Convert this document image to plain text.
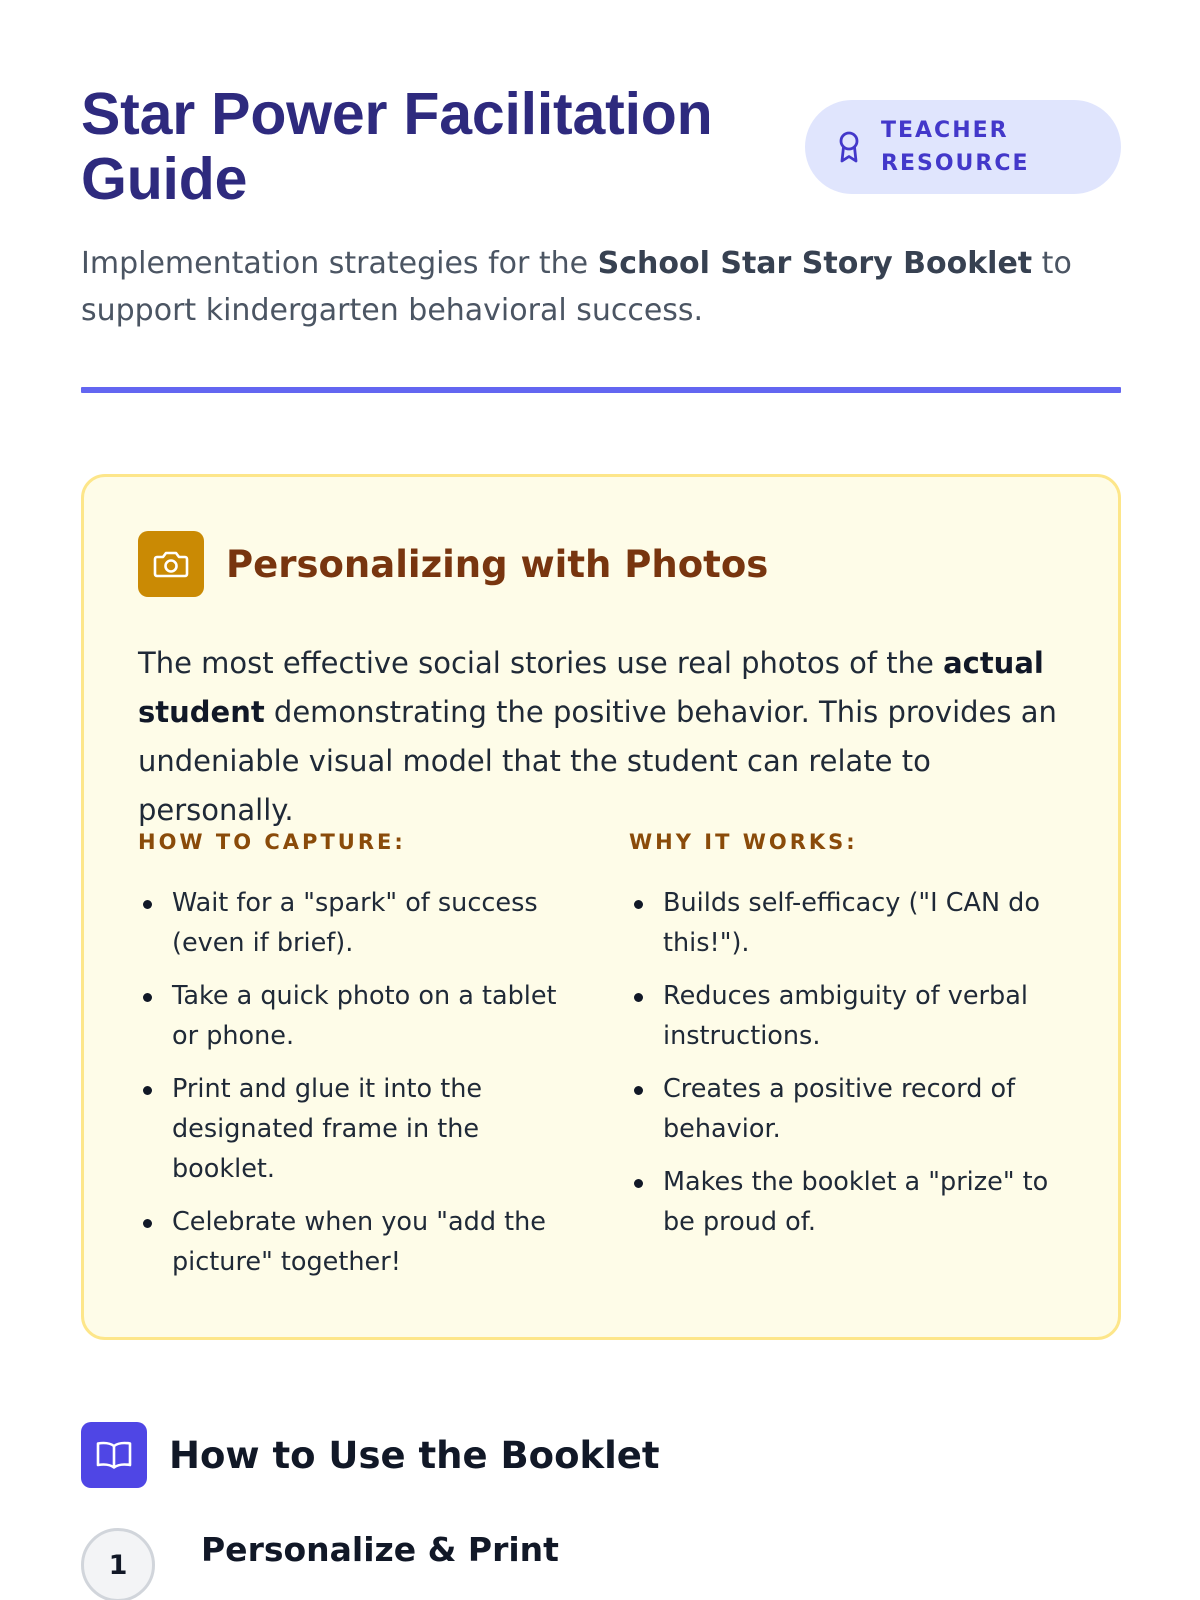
Star Power Facilitation Guide
TEACHER RESOURCE

Implementation strategies for the School Star Story Booklet to support kindergarten behavioral success.

Personalizing with Photos

The most effective social stories use real photos of the actual student demonstrating the positive behavior. This provides an undeniable visual model that the student can relate to personally.

HOW TO CAPTURE:
Wait for a "spark" of success (even if brief).
Take a quick photo on a tablet or phone.
Print and glue it into the designated frame in the booklet.
Celebrate when you "add the picture" together!
WHY IT WORKS:
Builds self-efficacy ("I CAN do this!").
Reduces ambiguity of verbal instructions.
Creates a positive record of behavior.
Makes the booklet a "prize" to be proud of.
How to Use the Booklet
1	Personalize & Print
